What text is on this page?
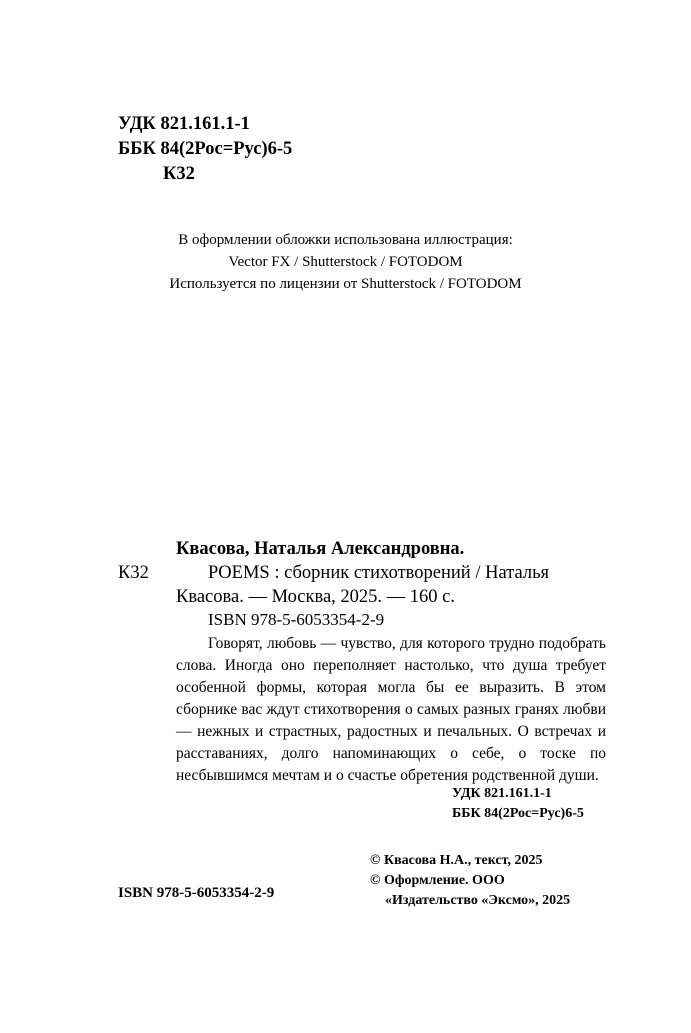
УДК 821.161.1-1
ББК 84(2Рос=Рус)6-5
К32
В оформлении обложки использована иллюстрация:
Vector FX / Shutterstock / FOTODOM
Используется по лицензии от Shutterstock / FOTODOM
Квасова, Наталья Александровна.
К32	POEMS : сборник стихотворений / Наталья
Квасова. — Москва, 2025. — 160 с.
ISBN 978-5-6053354-2-9
Говорят, любовь — чувство, для которого трудно подобрать слова. Иногда оно переполняет настолько, что душа требует особенной формы, которая могла бы ее выразить. В этом сборнике вас ждут стихотворения о самых разных гранях любви — нежных и страстных, радостных и печальных. О встречах и расставаниях, долго напоминающих о себе, о тоске по несбывшимся мечтам и о счастье обретения родственной души.
УДК 821.161.1-1
ББК 84(2Рос=Рус)6-5
© Квасова Н.А., текст, 2025
© Оформление. ООО
«Издательство «Эксмо», 2025
ISBN 978-5-6053354-2-9
